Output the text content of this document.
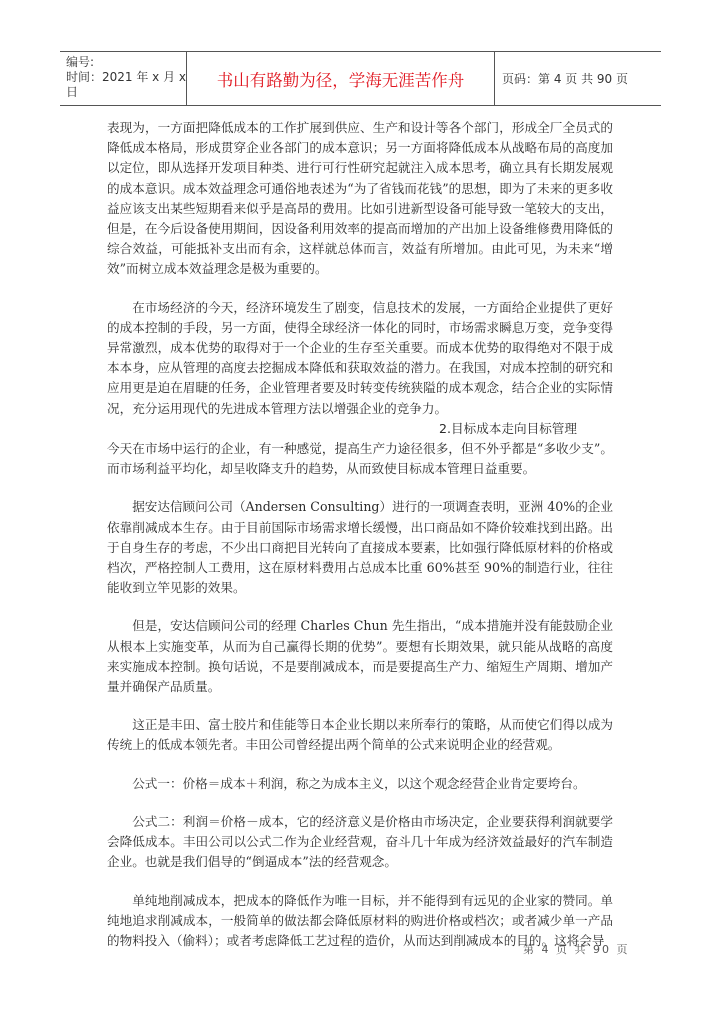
编号:
时间：2021 年 x 月 x 日
书山有路勤为径，学海无涯苦作舟	页码：第 4 页 共 90 页

表现为，一方面把降低成本的工作扩展到供应、生产和设计等各个部门，形成全厂全员式的降低成本格局，形成贯穿企业各部门的成本意识；另一方面将降低成本从战略布局的高度加以定位，即从选择开发项目种类、进行可行性研究起就注入成本思考，确立具有长期发展观的成本意识。成本效益理念可通俗地表述为“为了省钱而花钱”的思想，即为了未来的更多收益应该支出某些短期看来似乎是高昂的费用。比如引进新型设备可能导致一笔较大的支出，但是，在今后设备使用期间，因设备利用效率的提高而增加的产出加上设备维修费用降低的综合效益，可能抵补支出而有余，这样就总体而言，效益有所增加。由此可见，为未来“增效”而树立成本效益理念是极为重要的。

在市场经济的今天，经济环境发生了剧变，信息技术的发展，一方面给企业提供了更好的成本控制的手段，另一方面，使得全球经济一体化的同时，市场需求瞬息万变，竞争变得异常激烈，成本优势的取得对于一个企业的生存至关重要。而成本优势的取得绝对不限于成本本身，应从管理的高度去挖掘成本降低和获取效益的潜力。在我国，对成本控制的研究和应用更是迫在眉睫的任务，企业管理者要及时转变传统狭隘的成本观念，结合企业的实际情况，充分运用现代的先进成本管理方法以增强企业的竞争力。

2.目标成本走向目标管理

今天在市场中运行的企业，有一种感觉，提高生产力途径很多，但不外乎都是“多收少支”。而市场利益平均化，却呈收降支升的趋势，从而致使目标成本管理日益重要。

据安达信顾问公司（Andersen Consulting）进行的一项调查表明，亚洲 40%的企业依靠削减成本生存。由于目前国际市场需求增长缓慢，出口商品如不降价较难找到出路。出于自身生存的考虑，不少出口商把目光转向了直接成本要素，比如强行降低原材料的价格或档次，严格控制人工费用，这在原材料费用占总成本比重 60%甚至 90%的制造行业，往往能收到立竿见影的效果。

但是，安达信顾问公司的经理 Charles Chun 先生指出，“成本措施并没有能鼓励企业从根本上实施变革，从而为自己赢得长期的优势”。要想有长期效果，就只能从战略的高度来实施成本控制。换句话说，不是要削减成本，而是要提高生产力、缩短生产周期、增加产量并确保产品质量。

这正是丰田、富士胶片和佳能等日本企业长期以来所奉行的策略，从而使它们得以成为传统上的低成本领先者。丰田公司曾经提出两个简单的公式来说明企业的经营观。

公式一：价格＝成本＋利润，称之为成本主义，以这个观念经营企业肯定要垮台。

公式二：利润＝价格－成本，它的经济意义是价格由市场决定，企业要获得利润就要学会降低成本。丰田公司以公式二作为企业经营观，奋斗几十年成为经济效益最好的汽车制造企业。也就是我们倡导的“倒逼成本”法的经营观念。

单纯地削减成本，把成本的降低作为唯一目标，并不能得到有远见的企业家的赞同。单纯地追求削减成本，一般简单的做法都会降低原材料的购进价格或档次；或者减少单一产品的物料投入（偷料）；或者考虑降低工艺过程的造价，从而达到削减成本的目的。这将会导

第 4 页 共 90 页
